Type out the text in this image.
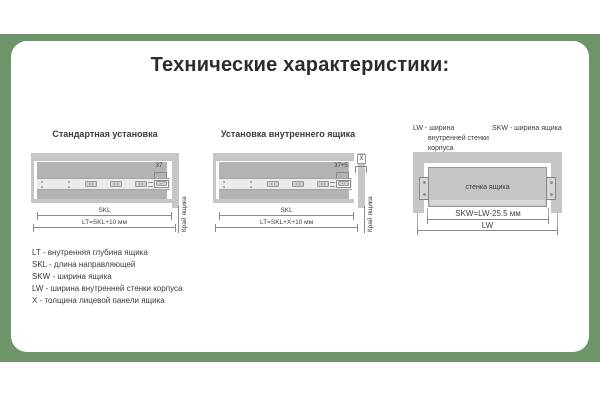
Технические характеристики:
Стандартная установка
37
SKL
LT=SKL+10 мм	Край ящика
Установка внутреннего ящика
X
37+5
SKL
LT=SKL+X+10 мм	Край ящика
LW - ширина
внутренней стенки
корпуса
SKW - ширина ящика
стенка ящика
SKW=LW-25.5 мм
LW
LT - внутренняя глубина ящика
SKL - длина направляющей
SKW - ширина ящика
LW - ширина внутренней стенки корпуса
X - толщина лицевой панели ящика
